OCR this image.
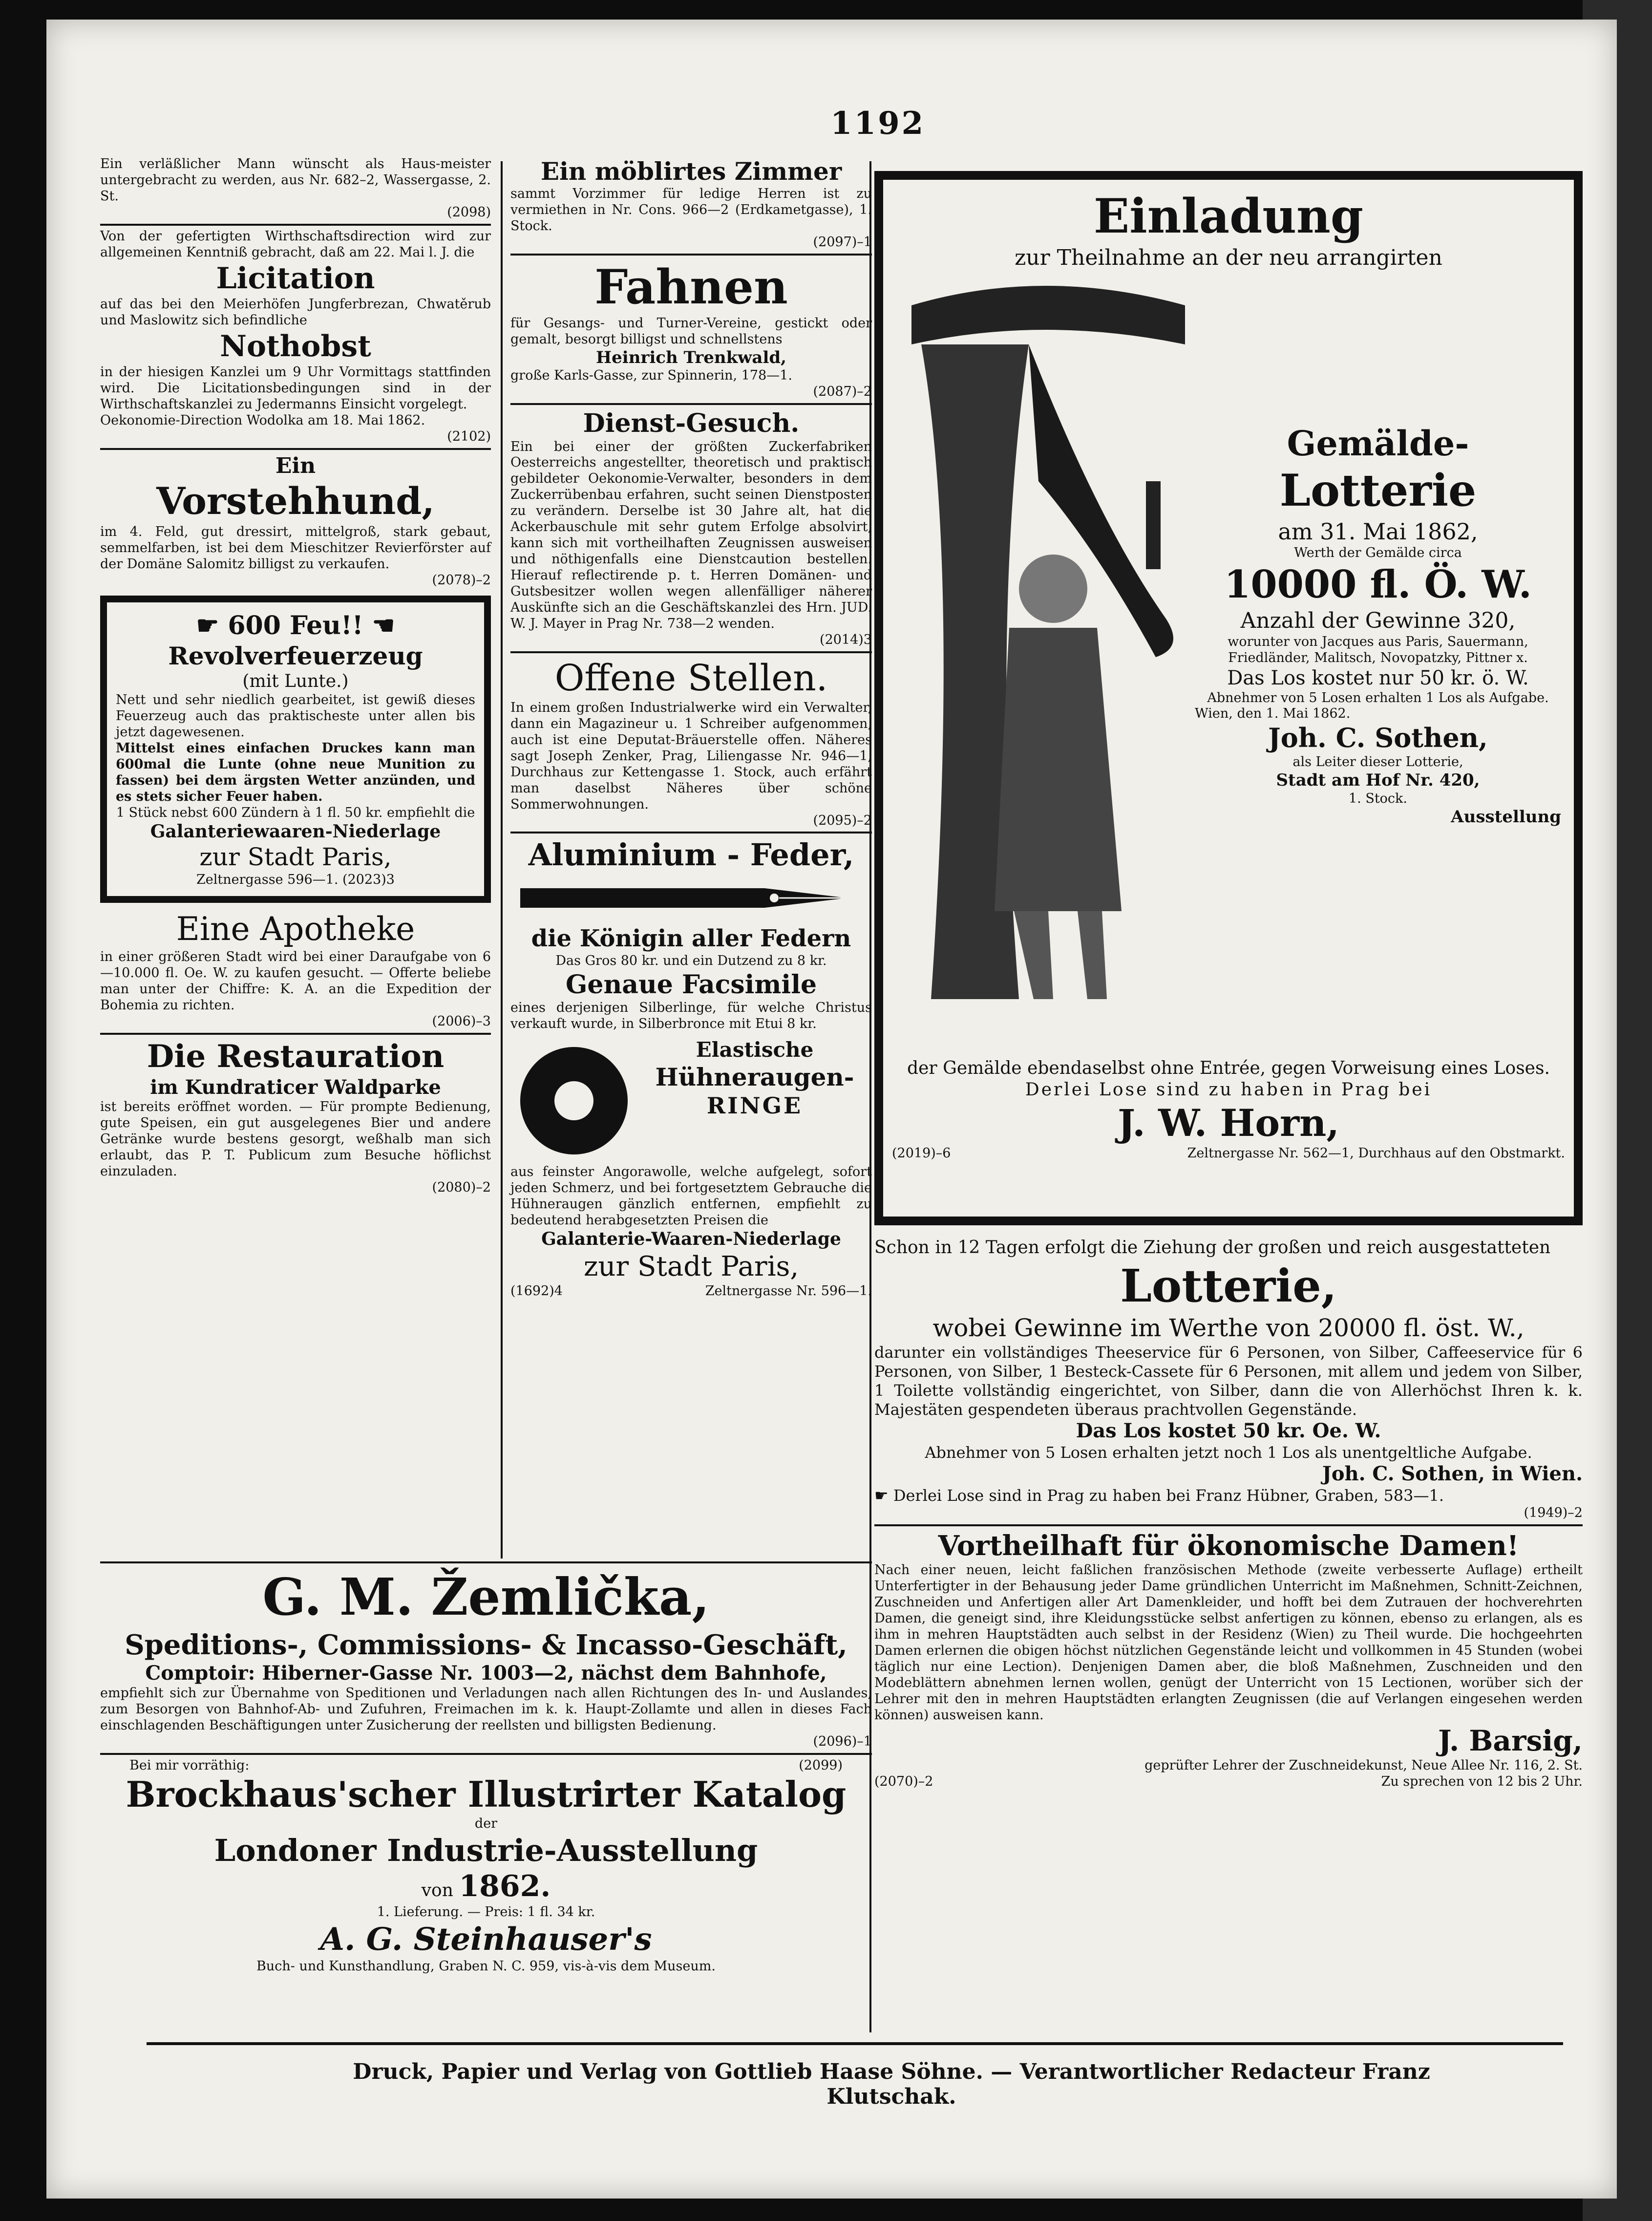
1192

Ein verläßlicher Mann wünscht als Haus-meister untergebracht zu werden, aus Nr. 682–2, Wassergasse, 2. St.

(2098)

Von der gefertigten Wirthschaftsdirection wird zur allgemeinen Kenntniß gebracht, daß am 22. Mai l. J. die

Licitation

auf das bei den Meierhöfen Jungferbrezan, Chwatěrub und Maslowitz sich befindliche

Nothobst

in der hiesigen Kanzlei um 9 Uhr Vormittags stattfinden wird. Die Licitationsbedingungen sind in der Wirthschaftskanzlei zu Jedermanns Einsicht vorgelegt.

Oekonomie-Direction Wodolka am 18. Mai 1862.

(2102)

Ein

Vorstehhund,

im 4. Feld, gut dressirt, mittelgroß, stark gebaut, semmelfarben, ist bei dem Mieschitzer Revierförster auf der Domäne Salomitz billigst zu verkaufen.

(2078)–2

☛ 600 Feu!! ☚

Revolverfeuerzeug

(mit Lunte.)

Nett und sehr niedlich gearbeitet, ist gewiß dieses Feuerzeug auch das praktischeste unter allen bis jetzt dagewesenen.

Mittelst eines einfachen Druckes kann man 600mal die Lunte (ohne neue Munition zu fassen) bei dem ärgsten Wetter anzünden, und es stets sicher Feuer haben.

1 Stück nebst 600 Zündern à 1 fl. 50 kr. empfiehlt die

Galanteriewaaren-Niederlage

zur Stadt Paris,

Zeltnergasse 596—1. (2023)3

Eine Apotheke

in einer größeren Stadt wird bei einer Daraufgabe von 6—10.000 fl. Oe. W. zu kaufen gesucht. — Offerte beliebe man unter der Chiffre: K. A. an die Expedition der Bohemia zu richten.

(2006)–3

Die Restauration

im Kundraticer Waldparke

ist bereits eröffnet worden. — Für prompte Bedienung, gute Speisen, ein gut ausgelegenes Bier und andere Getränke wurde bestens gesorgt, weßhalb man sich erlaubt, das P. T. Publicum zum Besuche höflichst einzuladen.

(2080)–2

Ein möblirtes Zimmer

sammt Vorzimmer für ledige Herren ist zu vermiethen in Nr. Cons. 966—2 (Erdkametgasse), 1. Stock.

(2097)–1

Fahnen

für Gesangs- und Turner-Vereine, gestickt oder gemalt, besorgt billigst und schnellstens

Heinrich Trenkwald,

große Karls-Gasse, zur Spinnerin, 178—1.

(2087)–2

Dienst-Gesuch.

Ein bei einer der größten Zuckerfabriken Oesterreichs angestellter, theoretisch und praktisch gebildeter Oekonomie-Verwalter, besonders in dem Zuckerrübenbau erfahren, sucht seinen Dienstposten zu verändern. Derselbe ist 30 Jahre alt, hat die Ackerbauschule mit sehr gutem Erfolge absolvirt, kann sich mit vortheilhaften Zeugnissen ausweisen und nöthigenfalls eine Dienstcaution bestellen. Hierauf reflectirende p. t. Herren Domänen- und Gutsbesitzer wollen wegen allenfälliger näherer Auskünfte sich an die Geschäftskanzlei des Hrn. JUD. W. J. Mayer in Prag Nr. 738—2 wenden.

(2014)3

Offene Stellen.

In einem großen Industrialwerke wird ein Verwalter, dann ein Magazineur u. 1 Schreiber aufgenommen, auch ist eine Deputat-Bräuerstelle offen. Näheres sagt Joseph Zenker, Prag, Liliengasse Nr. 946—1, Durchhaus zur Kettengasse 1. Stock, auch erfährt man daselbst Näheres über schöne Sommerwohnungen.

(2095)–2

Aluminium - Feder,

die Königin aller Federn

Das Gros 80 kr. und ein Dutzend zu 8 kr.

Genaue Facsimile

eines derjenigen Silberlinge, für welche Christus verkauft wurde, in Silberbronce mit Etui 8 kr.

Elastische

Hühneraugen-

RINGE

aus feinster Angorawolle, welche aufgelegt, sofort jeden Schmerz, und bei fortgesetztem Gebrauche die Hühneraugen gänzlich entfernen, empfiehlt zu bedeutend herabgesetzten Preisen die

Galanterie-Waaren-Niederlage

zur Stadt Paris,

(1692)4	Zeltnergasse Nr. 596—1.

G. M. Žemlička,

Speditions-, Commissions- & Incasso-Geschäft,

Comptoir: Hiberner-Gasse Nr. 1003—2, nächst dem Bahnhofe,

empfiehlt sich zur Übernahme von Speditionen und Verladungen nach allen Richtungen des In- und Auslandes, zum Besorgen von Bahnhof-Ab- und Zufuhren, Freimachen im k. k. Haupt-Zollamte und allen in dieses Fach einschlagenden Beschäftigungen unter Zusicherung der reellsten und billigsten Bedienung.

(2096)–1

Bei mir vorräthig:	(2099)

Brockhaus'scher Illustrirter Katalog

der

Londoner Industrie-Ausstellung

von 1862.

1. Lieferung. — Preis: 1 fl. 34 kr.

A. G. Steinhauser's

Buch- und Kunsthandlung, Graben N. C. 959, vis-à-vis dem Museum.

Einladung

zur Theilnahme an der neu arrangirten

Gemälde-

Lotterie

am 31. Mai 1862,

Werth der Gemälde circa

10000 fl. Ö. W.

Anzahl der Gewinne 320,

worunter von Jacques aus Paris, Sauermann, Friedländer, Malitsch, Novopatzky, Pittner x.

Das Los kostet nur 50 kr. ö. W.

Abnehmer von 5 Losen erhalten 1 Los als Aufgabe.

Wien, den 1. Mai 1862.

Joh. C. Sothen,

als Leiter dieser Lotterie,

Stadt am Hof Nr. 420,

1. Stock.

Ausstellung

der Gemälde ebendaselbst ohne Entrée, gegen Vorweisung eines Loses.

Derlei Lose sind zu haben in Prag bei

J. W. Horn,

(2019)–6	Zeltnergasse Nr. 562—1, Durchhaus auf den Obstmarkt.

Schon in 12 Tagen erfolgt die Ziehung der großen und reich ausgestatteten

Lotterie,

wobei Gewinne im Werthe von 20000 fl. öst. W.,

darunter ein vollständiges Theeservice für 6 Personen, von Silber, Caffeeservice für 6 Personen, von Silber, 1 Besteck-Cassete für 6 Personen, mit allem und jedem von Silber, 1 Toilette vollständig eingerichtet, von Silber, dann die von Allerhöchst Ihren k. k. Majestäten gespendeten überaus prachtvollen Gegenstände.

Das Los kostet 50 kr. Oe. W.

Abnehmer von 5 Losen erhalten jetzt noch 1 Los als unentgeltliche Aufgabe.

Joh. C. Sothen, in Wien.

☛ Derlei Lose sind in Prag zu haben bei Franz Hübner, Graben, 583—1.

(1949)–2

Vortheilhaft für ökonomische Damen!

Nach einer neuen, leicht faßlichen französischen Methode (zweite verbesserte Auflage) ertheilt Unterfertigter in der Behausung jeder Dame gründlichen Unterricht im Maßnehmen, Schnitt-Zeichnen, Zuschneiden und Anfertigen aller Art Damenkleider, und hofft bei dem Zutrauen der hochverehrten Damen, die geneigt sind, ihre Kleidungsstücke selbst anfertigen zu können, ebenso zu erlangen, als es ihm in mehren Hauptstädten auch selbst in der Residenz (Wien) zu Theil wurde. Die hochgeehrten Damen erlernen die obigen höchst nützlichen Gegenstände leicht und vollkommen in 45 Stunden (wobei täglich nur eine Lection). Denjenigen Damen aber, die bloß Maßnehmen, Zuschneiden und den Modeblättern abnehmen lernen wollen, genügt der Unterricht von 15 Lectionen, worüber sich der Lehrer mit den in mehren Hauptstädten erlangten Zeugnissen (die auf Verlangen eingesehen werden können) ausweisen kann.

J. Barsig,

geprüfter Lehrer der Zuschneidekunst, Neue Allee Nr. 116, 2. St.

(2070)–2	Zu sprechen von 12 bis 2 Uhr.
Druck, Papier und Verlag von Gottlieb Haase Söhne. — Verantwortlicher Redacteur Franz Klutschak.
